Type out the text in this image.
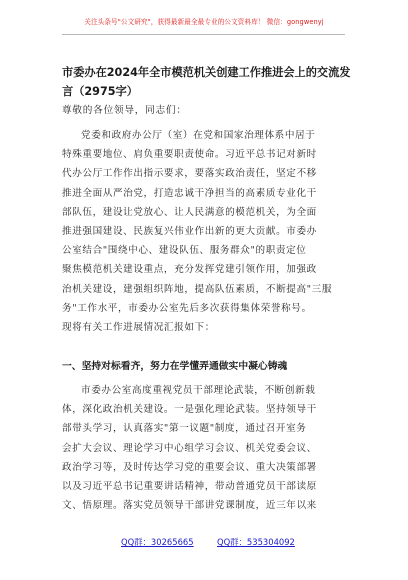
关注头条号"公文研究"，获得最新最全最专业的公文资料库！ 微信：gongwenyj
市委办在2024年全市模范机关创建工作推进会上的交流发
言（2975字）
尊敬的各位领导，同志们：
党委和政府办公厅（室）在党和国家治理体系中居于
特殊重要地位、肩负重要职责使命。习近平总书记对新时
代办公厅工作作出指示要求，要落实政治责任，坚定不移
推进全面从严治党，打造忠诚干净担当的高素质专业化干
部队伍，建设让党放心、让人民满意的模范机关，为全面
推进强国建设、民族复兴伟业作出新的更大贡献。市委办
公室结合"围绕中心、建设队伍、服务群众"的职责定位
聚焦模范机关建设重点，充分发挥党建引领作用，加强政
治机关建设，建强组织阵地，提高队伍素质，不断提高"三服
务"工作水平，市委办公室先后多次获得集体荣誉称号。
现将有关工作进展情况汇报如下：
一、坚持对标看齐，努力在学懂弄通做实中凝心铸魂
市委办公室高度重视党员干部理论武装，不断创新载
体，深化政治机关建设。一是强化理论武装。坚持领导干
部带头学习，认真落实"第一议题"制度，通过召开室务
会扩大会议、理论学习中心组学习会议、机关党委会议、
政治学习等，及时传达学习党的重要会议、重大决策部署
以及习近平总书记重要讲话精神，带动普通党员干部读原
文、悟原理。落实党员领导干部讲党课制度，近三年以来
QQ群：30265665	QQ群：535304092
